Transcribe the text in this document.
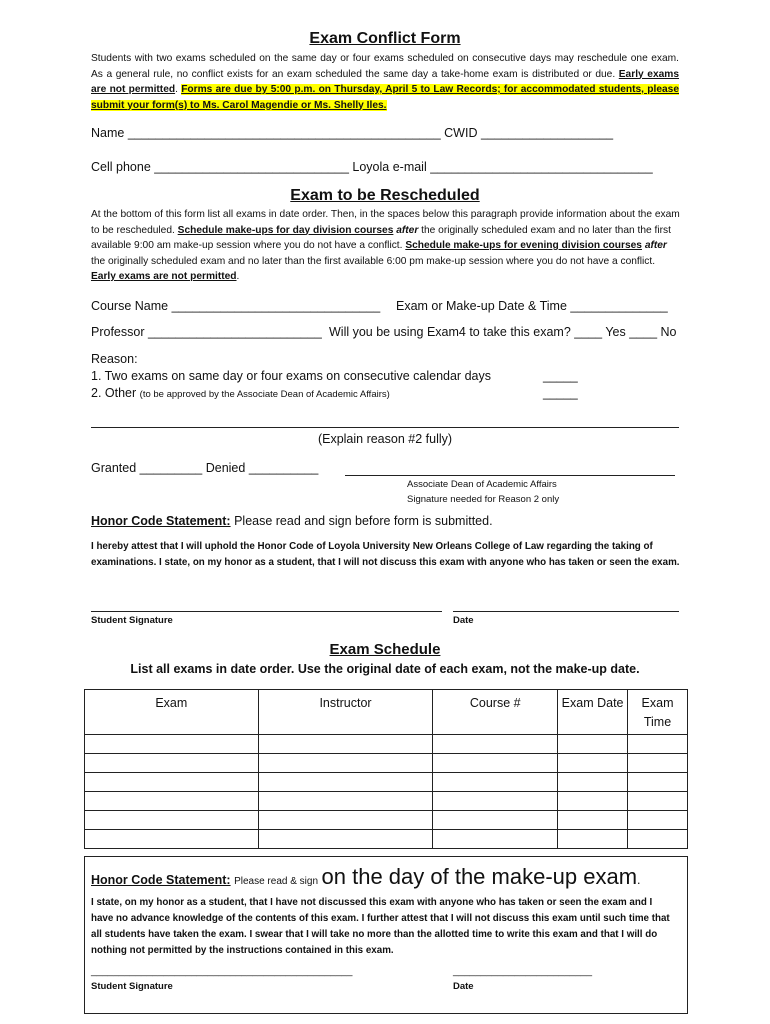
Exam Conflict Form
Students with two exams scheduled on the same day or four exams scheduled on consecutive days may reschedule one exam. As a general rule, no conflict exists for an exam scheduled the same day a take-home exam is distributed or due. Early exams are not permitted. Forms are due by 5:00 p.m. on Thursday, April 5 to Law Records; for accommodated students, please submit your form(s) to Ms. Carol Magendie or Ms. Shelly Iles.
Name _____________________________________________ CWID ___________________
Cell phone ____________________________ Loyola e-mail ________________________________
Exam to be Rescheduled
At the bottom of this form list all exams in date order. Then, in the spaces below this paragraph provide information about the exam to be rescheduled. Schedule make-ups for day division courses after the originally scheduled exam and no later than the first available 9:00 am make-up session where you do not have a conflict. Schedule make-ups for evening division courses after the originally scheduled exam and no later than the first available 6:00 pm make-up session where you do not have a conflict. Early exams are not permitted.
Course Name ______________________________ Exam or Make-up Date & Time ______________
Professor _________________________ Will you be using Exam4 to take this exam? ____ Yes ____ No
Reason:
1. Two exams on same day or four exams on consecutive calendar days	_____
2. Other (to be approved by the Associate Dean of Academic Affairs)	_____
(Explain reason #2 fully)
Granted _________ Denied __________
Associate Dean of Academic Affairs
Signature needed for Reason 2 only
Honor Code Statement: Please read and sign before form is submitted.
I hereby attest that I will uphold the Honor Code of Loyola University New Orleans College of Law regarding the taking of examinations. I state, on my honor as a student, that I will not discuss this exam with anyone who has taken or seen the exam.
Student Signature	Date
Exam Schedule
List all exams in date order. Use the original date of each exam, not the make-up date.
Exam	Instructor	Course #	Exam Date	Exam Time

Honor Code Statement: Please read & sign on the day of the make-up exam.
I state, on my honor as a student, that I have not discussed this exam with anyone who has taken or seen the exam and I have no advance knowledge of the contents of this exam. I further attest that I will not discuss this exam until such time that all students have taken the exam. I swear that I will take no more than the allotted time to write this exam and that I will do nothing not permitted by the instructions contained in this exam.
_______________________________________________	_________________________
Student Signature	Date
